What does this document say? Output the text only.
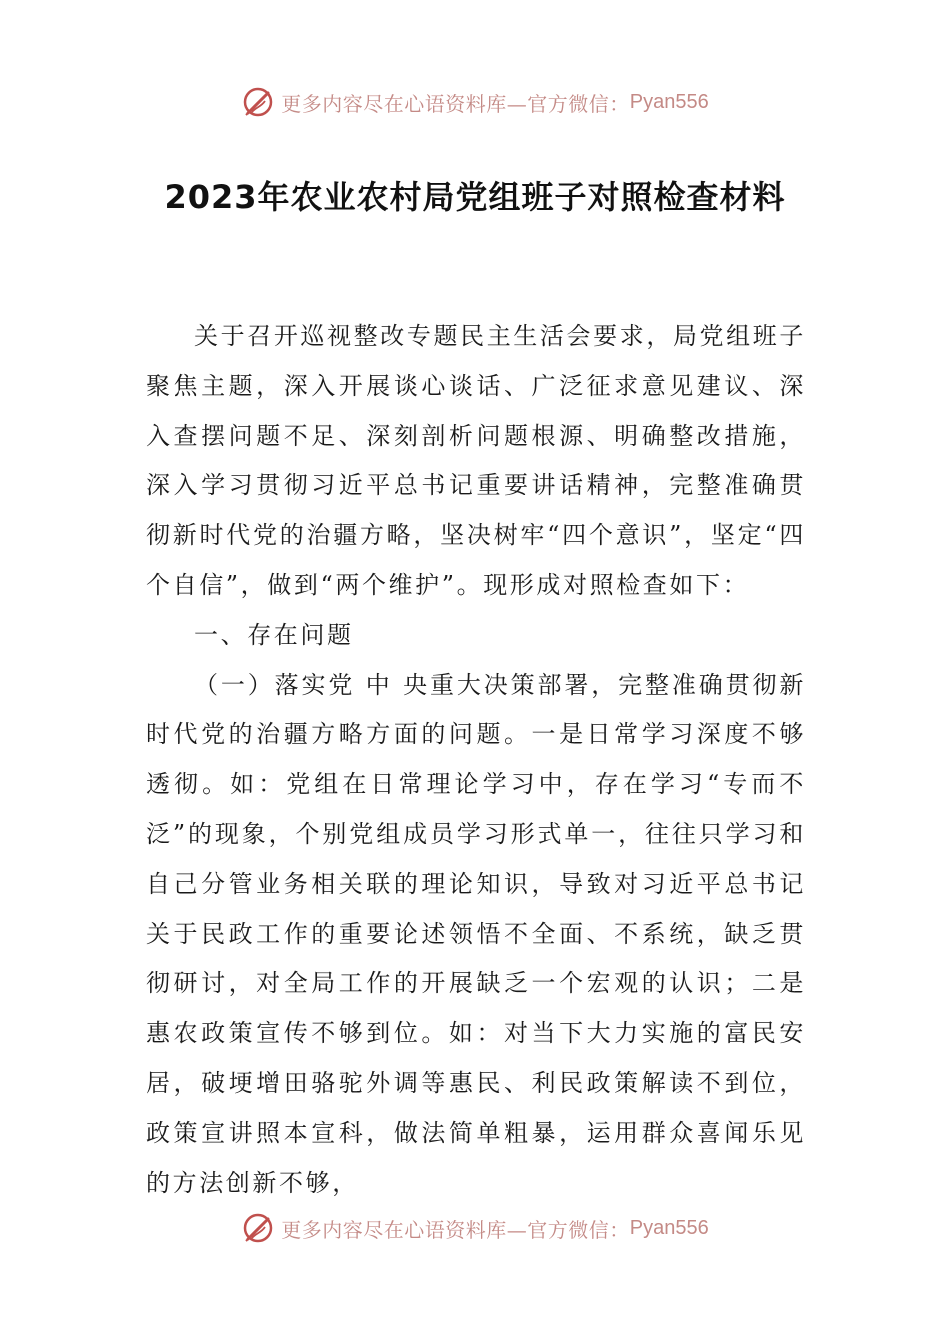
更多内容尽在心语资料库—官方微信： Pyan556
2023年农业农村局党组班子对照检查材料

关于召开巡视整改专题民主生活会要求，局党组班子聚焦主题，深入开展谈心谈话、广泛征求意见建议、深入查摆问题不足、深刻剖析问题根源、明确整改措施，深入学习贯彻习近平总书记重要讲话精神，完整准确贯彻新时代党的治疆方略，坚决树牢“四个意识”，坚定“四个自信”，做到“两个维护”。现形成对照检查如下：

一、存在问题

（一）落实党 中 央重大决策部署，完整准确贯彻新时代党的治疆方略方面的问题。一是日常学习深度不够透彻。如：党组在日常理论学习中，存在学习“专而不泛”的现象，个别党组成员学习形式单一，往往只学习和自己分管业务相关联的理论知识，导致对习近平总书记关于民政工作的重要论述领悟不全面、不系统，缺乏贯彻研讨，对全局工作的开展缺乏一个宏观的认识；二是惠农政策宣传不够到位。如：对当下大力实施的富民安居，破埂增田骆驼外调等惠民、利民政策解读不到位，政策宣讲照本宣科，做法简单粗暴，运用群众喜闻乐见的方法创新不够，

更多内容尽在心语资料库—官方微信： Pyan556
